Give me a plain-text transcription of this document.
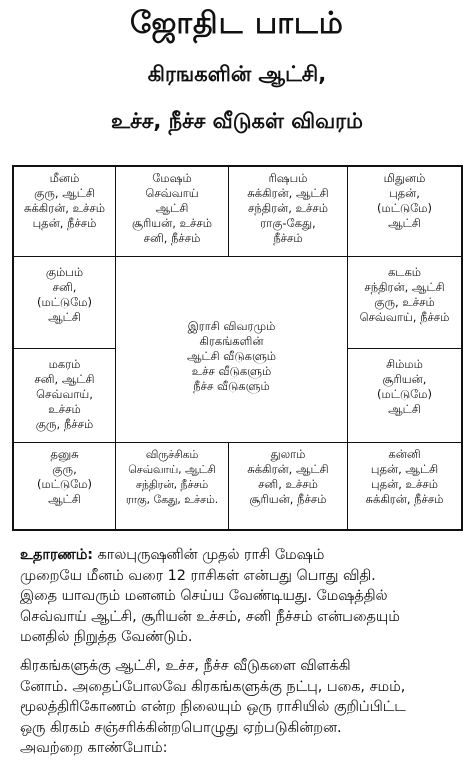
ஜோதிட பாடம்
கிரஙகளின் ஆட்சி,
உச்ச, நீச்ச வீடுகள் விவரம்
மீனம்
குரு, ஆட்சி
சுக்கிரன், உச்சம்
புதன், நீச்சம்
மேஷம்
செவ்வாய்
ஆட்சி
சூரியன், உச்சம்
சனி, நீச்சம்
ரிஷபம்
சுக்கிரன், ஆட்சி
சந்திரன், உச்சம்
ராகு-கேது,
நீச்சம்
மிதுனம்
புதன்,
(மட்டுமே)
ஆட்சி
கும்பம்
சனி,
(மட்டுமே)
ஆட்சி
கடகம்
சந்திரன், ஆட்சி
குரு, உச்சம்
செவ்வாய், நீச்சம்
இராசி விவரமும்
கிரகங்களின்
ஆட்சி வீடுகளும்
உச்ச வீடுகளும்
நீச்ச வீடுகளும்
மகரம்
சனி, ஆட்சி
செவ்வாய்,
உச்சம்
குரு, நீச்சம்
சிம்மம்
சூரியன்,
(மட்டுமே)
ஆட்சி
தனுசு
குரு,
(மட்டுமே)
ஆட்சி
விருச்சிகம்
செவ்வாய், ஆட்சி
சந்திரன், நீச்சம்
ராகு, கேது, உச்சம்.
துலாம்
சுக்கிரன், ஆட்சி
சனி, உச்சம்
சூரியன், நீச்சம்
கன்னி
புதன், ஆட்சி
புதன், உச்சம்
சுக்கிரன், நீச்சம்
உதாரணம்: காலபுருஷனின் முதல் ராசி மேஷம்
முறையே மீனம் வரை 12 ராசிகள் என்பது பொது விதி.
இதை யாவரும் மனனம் செய்ய வேண்டியது. மேஷத்தில்
செவ்வாய் ஆட்சி, சூரியன் உச்சம், சனி நீச்சம் என்பதையும்
மனதில் நிறுத்த வேண்டும்.
கிரகங்களுக்கு ஆட்சி, உச்ச, நீச்ச வீடுகளை விளக்கி
னோம். அதைப்போலவே கிரகங்களுக்கு நட்பு, பகை, சமம்,
மூலத்திரிகோணம் என்ற நிலையும் ஒரு ராசியில் குறிப்பிட்ட
ஒரு கிரகம் சஞ்சரிக்கின்றபொழுது ஏற்படுகின்றன.
அவற்றை காண்போம்:
